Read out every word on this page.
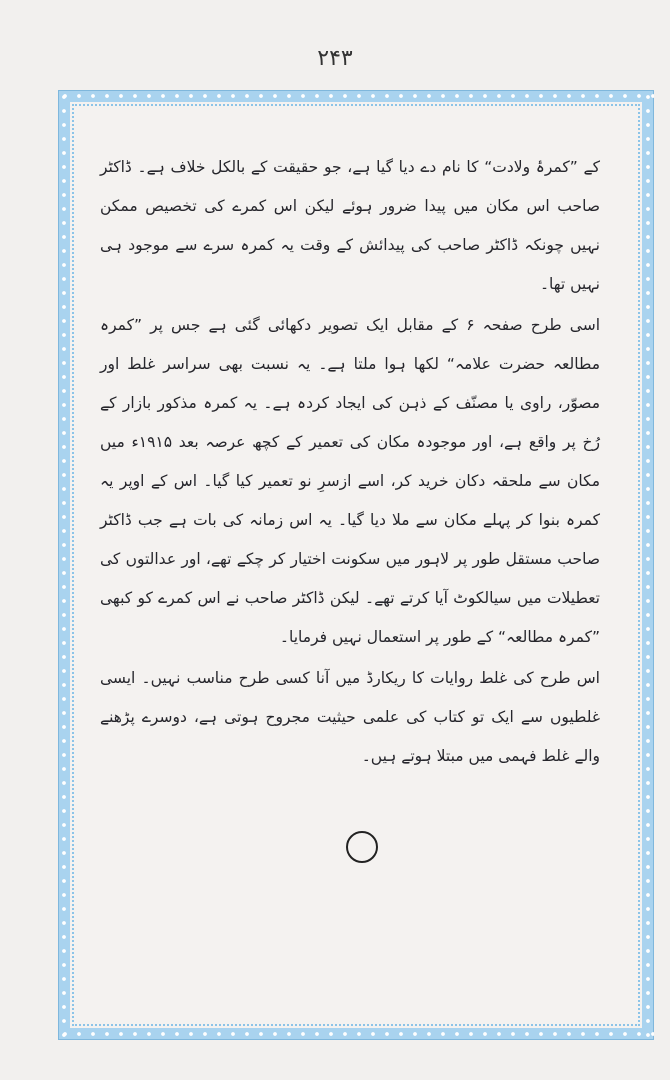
۲۴۳

کے ”کمرۂ ولادت“ کا نام دے دیا گیا ہے، جو حقیقت کے بالکل خلاف ہے۔ ڈاکٹر صاحب اس مکان میں پیدا ضرور ہوئے لیکن اس کمرے کی تخصیص ممکن نہیں چونکہ ڈاکٹر صاحب کی پیدائش کے وقت یہ کمرہ سرے سے موجود ہی نہیں تھا۔

اسی طرح صفحہ ۶ کے مقابل ایک تصویر دکھائی گئی ہے جس پر ”کمرہ مطالعہ حضرت علامہ“ لکھا ہوا ملتا ہے۔ یہ نسبت بھی سراسر غلط اور مصوّر، راوی یا مصنّف کے ذہن کی ایجاد کردہ ہے۔ یہ کمرہ مذکور بازار کے رُخ پر واقع ہے، اور موجودہ مکان کی تعمیر کے کچھ عرصہ بعد ۱۹۱۵ء میں مکان سے ملحقہ دکان خرید کر، اسے ازسرِ نو تعمیر کیا گیا۔ اس کے اوپر یہ کمرہ بنوا کر پہلے مکان سے ملا دیا گیا۔ یہ اس زمانہ کی بات ہے جب ڈاکٹر صاحب مستقل طور پر لاہور میں سکونت اختیار کر چکے تھے، اور عدالتوں کی تعطیلات میں سیالکوٹ آیا کرتے تھے۔ لیکن ڈاکٹر صاحب نے اس کمرے کو کبھی ”کمرہ مطالعہ“ کے طور پر استعمال نہیں فرمایا۔

اس طرح کی غلط روایات کا ریکارڈ میں آنا کسی طرح مناسب نہیں۔ ایسی غلطیوں سے ایک تو کتاب کی علمی حیثیت مجروح ہوتی ہے، دوسرے پڑھنے والے غلط فہمی میں مبتلا ہوتے ہیں۔
